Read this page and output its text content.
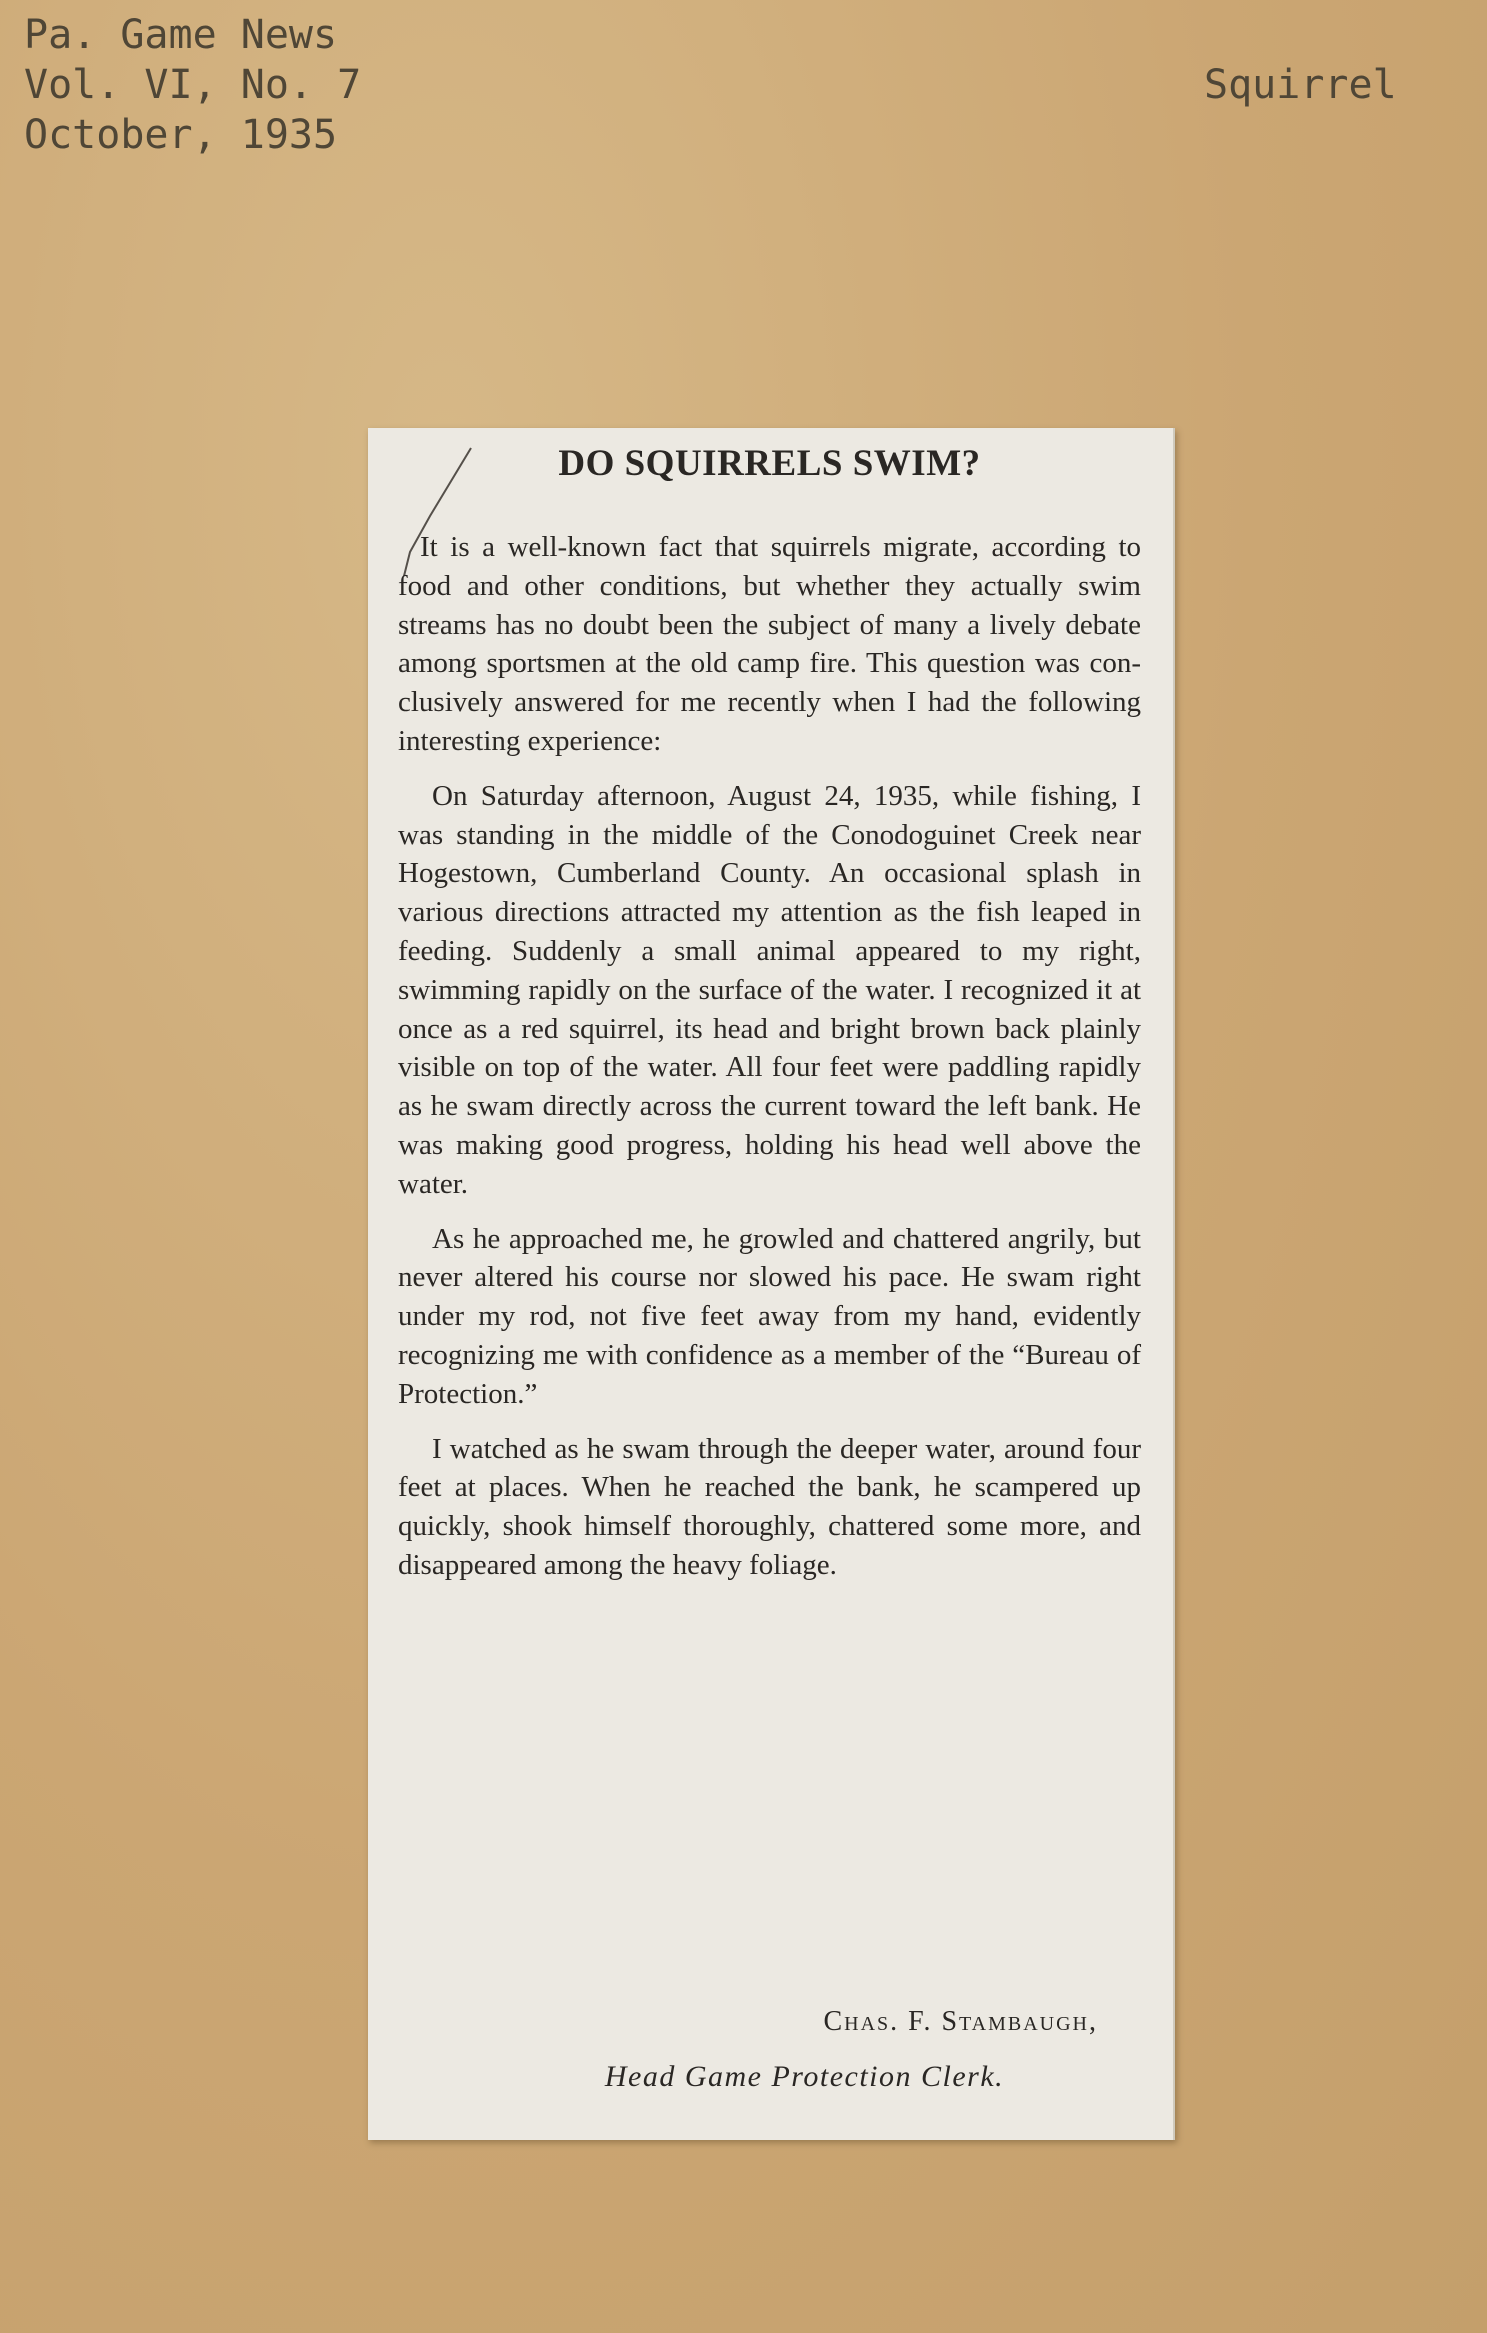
Pa. Game News
Vol. VI, No. 7
October, 1935
Squirrel
DO SQUIRRELS SWIM?

It is a well-known fact that squirrels migrate, according to food and other conditions, but whether they actually swim streams has no doubt been the subject of many a lively debate among sportsmen at the old camp fire. This question was conclusively answered for me recently when I had the following interesting experience:

On Saturday afternoon, August 24, 1935, while fishing, I was standing in the middle of the Conodoguinet Creek near Hogestown, Cumberland County. An occasional splash in various directions attracted my attention as the fish leaped in feeding. Suddenly a small animal appeared to my right, swimming rapidly on the surface of the water. I recognized it at once as a red squirrel, its head and bright brown back plainly visible on top of the water. All four feet were paddling rapidly as he swam directly across the current toward the left bank. He was making good progress, holding his head well above the water.

As he approached me, he growled and chattered angrily, but never altered his course nor slowed his pace. He swam right under my rod, not five feet away from my hand, evidently recognizing me with confidence as a member of the “Bureau of Protection.”

I watched as he swam through the deeper water, around four feet at places. When he reached the bank, he scampered up quickly, shook himself thoroughly, chattered some more, and disappeared among the heavy foliage.

Chas. F. Stambaugh,
Head Game Protection Clerk.
